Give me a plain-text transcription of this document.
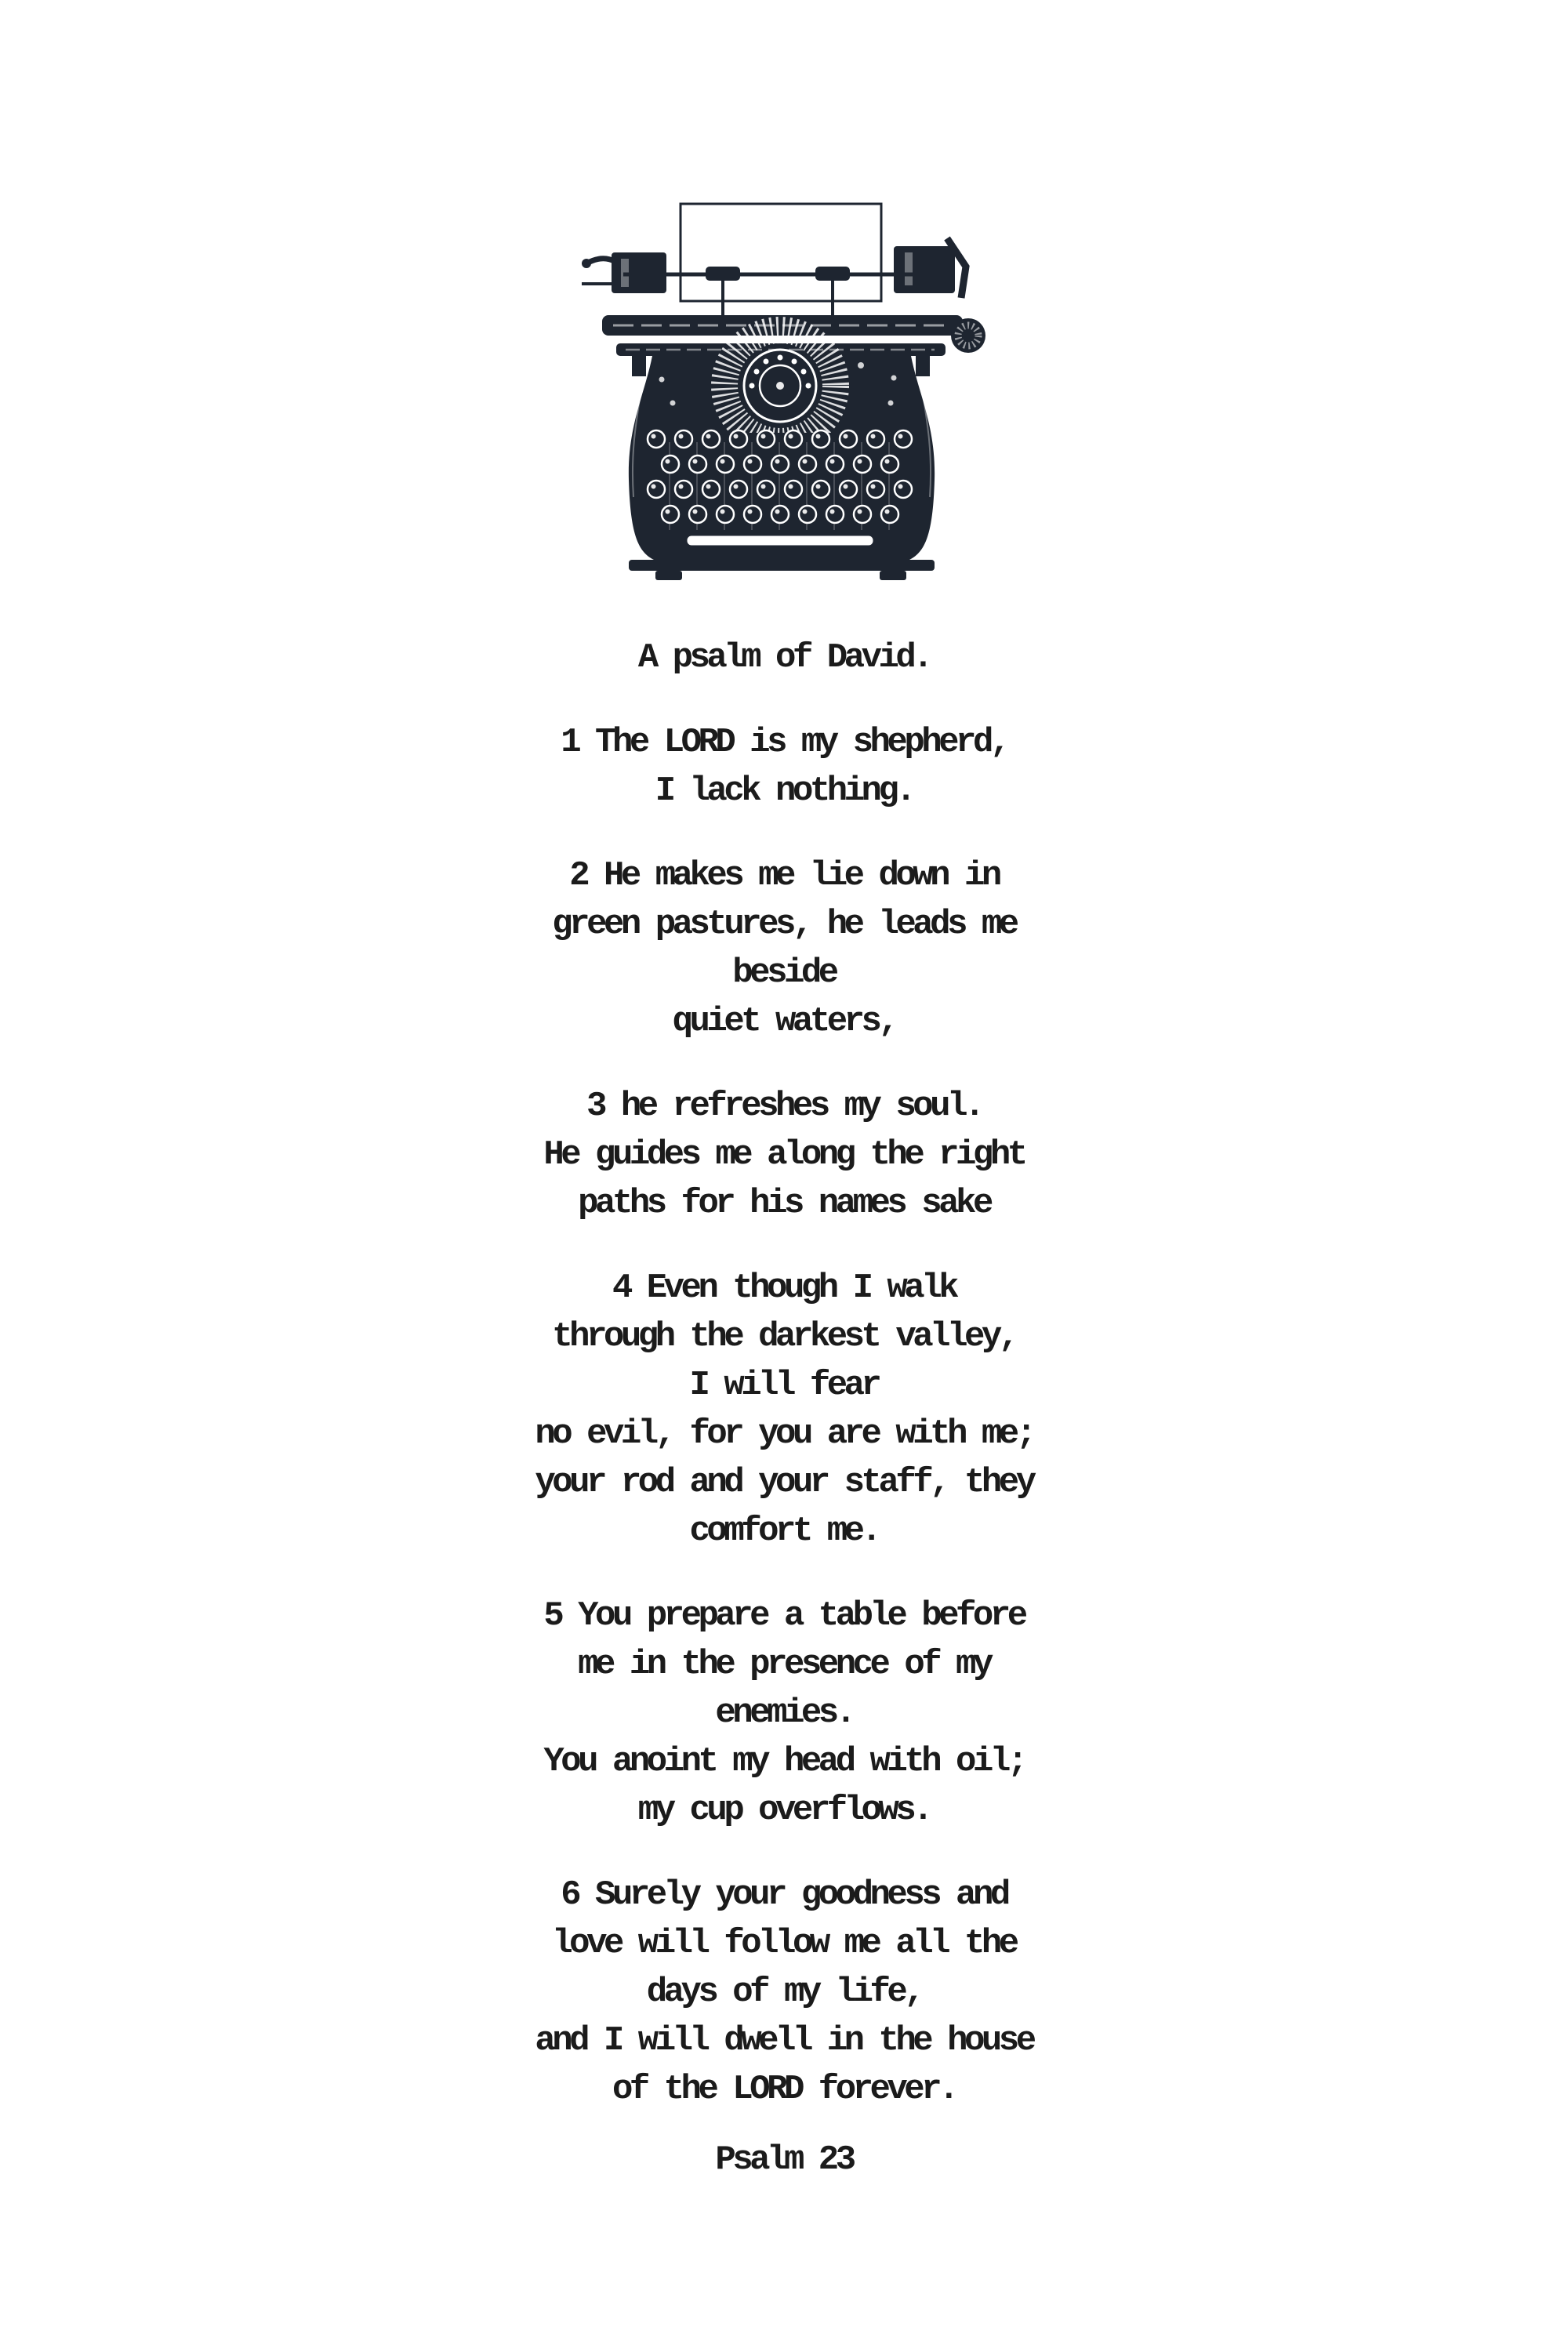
A psalm of David.

1 The LORD is my shepherd,
I lack nothing.
2 He makes me lie down in
green pastures, he leads me
beside
quiet waters,
3 he refreshes my soul.
He guides me along the right
paths for his names sake
4 Even though I walk
through the darkest valley,
I will fear
no evil, for you are with me;
your rod and your staff, they
comfort me.
5 You prepare a table before
me in the presence of my
enemies.
You anoint my head with oil;
my cup overflows.
6 Surely your goodness and
love will follow me all the
days of my life,
and I will dwell in the house
of the LORD forever.
Psalm 23
